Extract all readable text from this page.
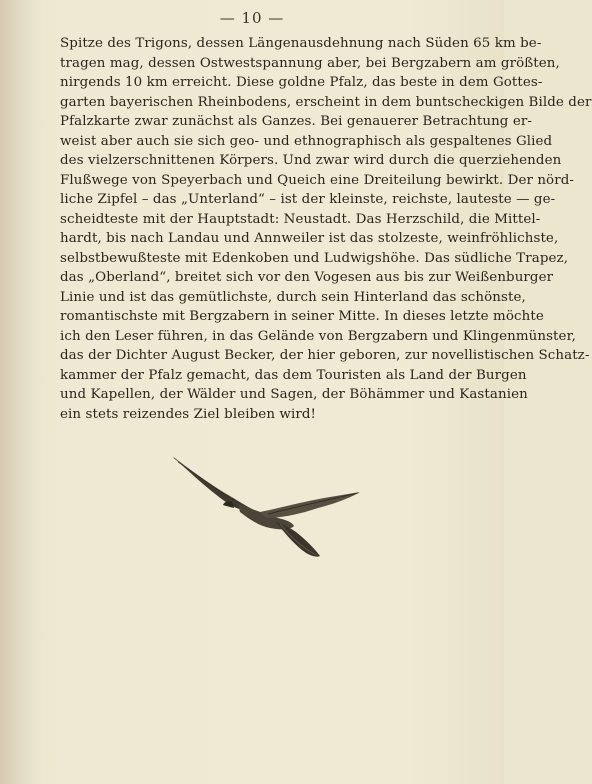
— 10 —
Spitze des Trigons, dessen Längenausdehnung nach Süden 65 km be-
tragen mag, dessen Ostwestspannung aber, bei Bergzabern am größten,
nirgends 10 km erreicht. Diese goldne Pfalz, das beste in dem Gottes-
garten bayerischen Rheinbodens, erscheint in dem buntscheckigen Bilde der
Pfalzkarte zwar zunächst als Ganzes. Bei genauerer Betrachtung er-
weist aber auch sie sich geo- und ethnographisch als gespaltenes Glied
des vielzerschnittenen Körpers. Und zwar wird durch die querziehenden
Flußwege von Speyerbach und Queich eine Dreiteilung bewirkt. Der nörd-
liche Zipfel – das „Unterland“ – ist der kleinste, reichste, lauteste — ge-
scheidteste mit der Hauptstadt: Neustadt. Das Herzschild, die Mittel-
hardt, bis nach Landau und Annweiler ist das stolzeste, weinfröhlichste,
selbstbewußteste mit Edenkoben und Ludwigshöhe. Das südliche Trapez,
das „Oberland“, breitet sich vor den Vogesen aus bis zur Weißenburger
Linie und ist das gemütlichste, durch sein Hinterland das schönste,
romantischste mit Bergzabern in seiner Mitte. In dieses letzte möchte
ich den Leser führen, in das Gelände von Bergzabern und Klingenmünster,
das der Dichter August Becker, der hier geboren, zur novellistischen Schatz-
kammer der Pfalz gemacht, das dem Touristen als Land der Burgen
und Kapellen, der Wälder und Sagen, der Böhämmer und Kastanien
ein stets reizendes Ziel bleiben wird!
